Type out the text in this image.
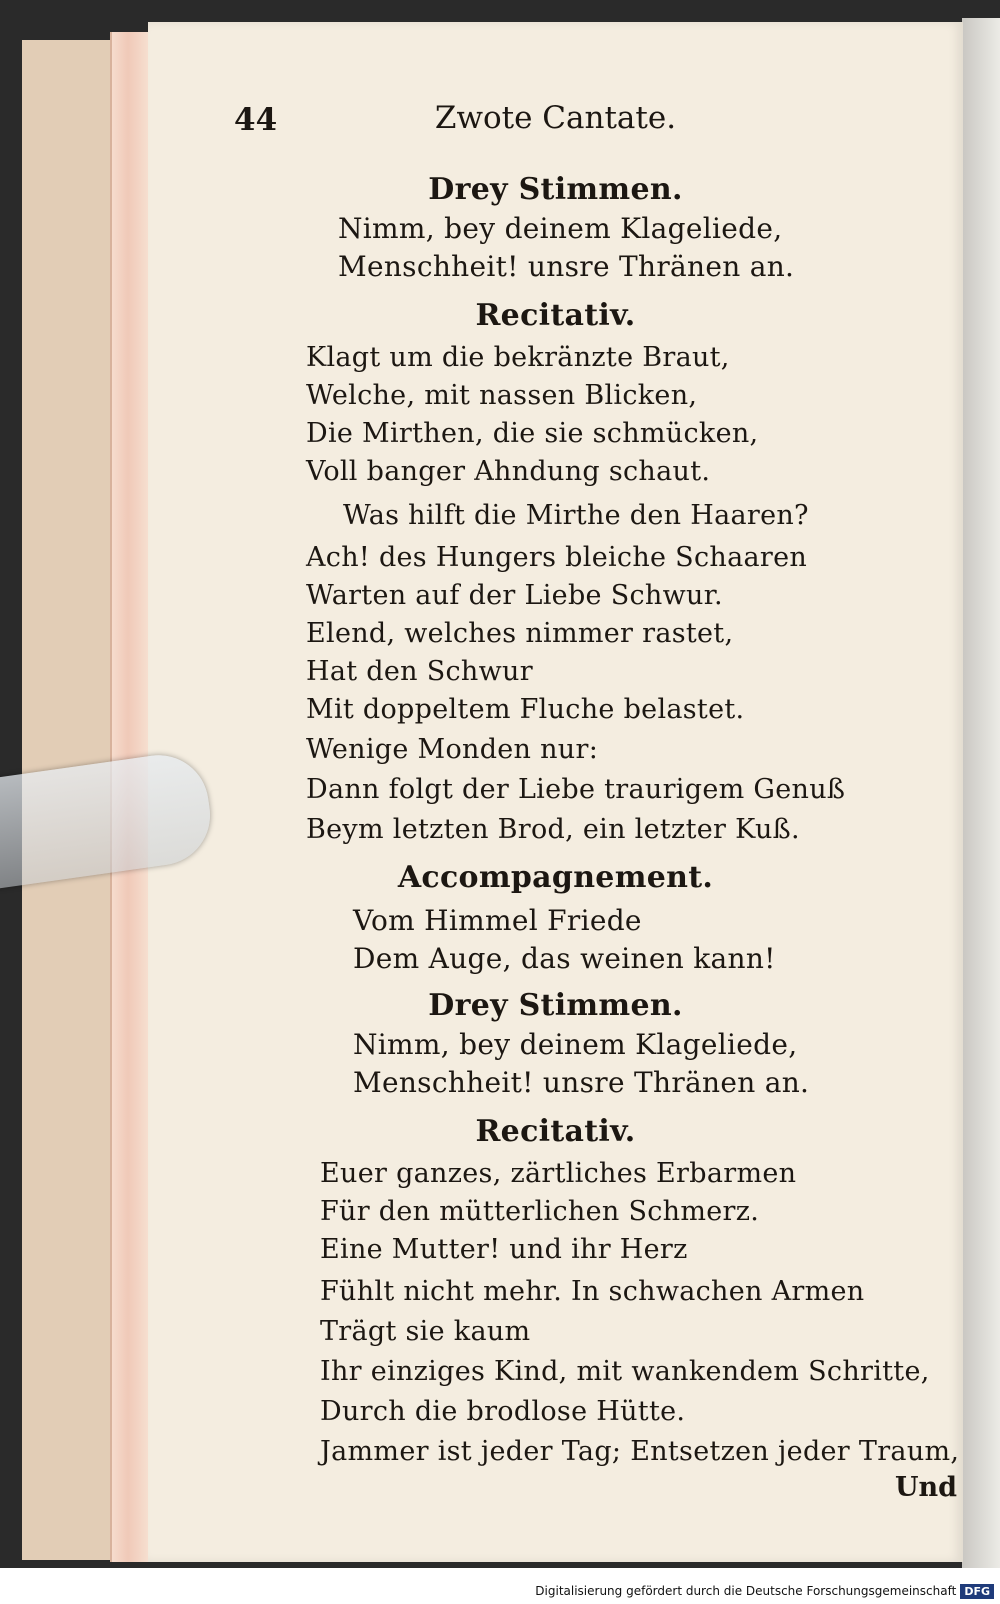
44	Zwote Cantate.
Drey Stimmen.
Nimm, bey deinem Klageliede,
Menschheit! unsre Thränen an.
Recitativ.
Klagt um die bekränzte Braut,
Welche, mit nassen Blicken,
Die Mirthen, die sie schmücken,
Voll banger Ahndung schaut.
Was hilft die Mirthe den Haaren?
Ach! des Hungers bleiche Schaaren
Warten auf der Liebe Schwur.
Elend, welches nimmer rastet,
Hat den Schwur
Mit doppeltem Fluche belastet.
Wenige Monden nur:
Dann folgt der Liebe traurigem Genuß
Beym letzten Brod, ein letzter Kuß.
Accompagnement.
Vom Himmel Friede
Dem Auge, das weinen kann!
Drey Stimmen.
Nimm, bey deinem Klageliede,
Menschheit! unsre Thränen an.
Recitativ.
Euer ganzes, zärtliches Erbarmen
Für den mütterlichen Schmerz.
Eine Mutter! und ihr Herz
Fühlt nicht mehr. In schwachen Armen
Trägt sie kaum
Ihr einziges Kind, mit wankendem Schritte,
Durch die brodlose Hütte.
Jammer ist jeder Tag; Entsetzen jeder Traum,
Und
Digitalisierung gefördert durch die Deutsche Forschungsgemeinschaft DFG
